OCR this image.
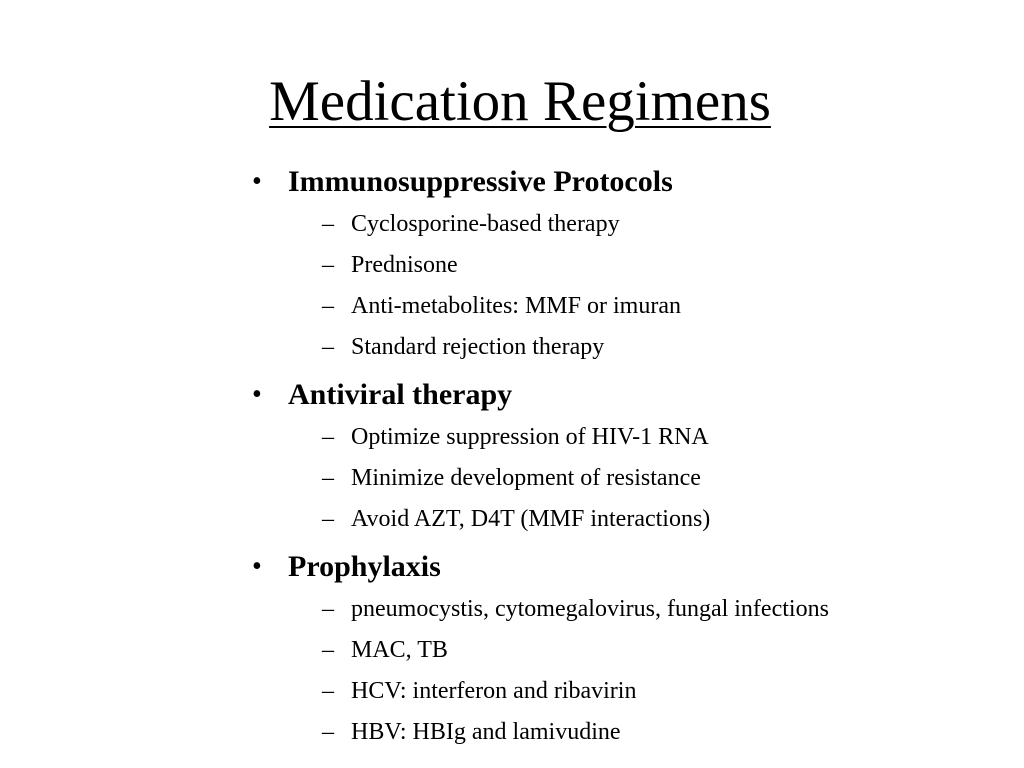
Medication Regimens
• Immunosuppressive Protocols
– Cyclosporine-based therapy
– Prednisone
– Anti-metabolites: MMF or imuran
– Standard rejection therapy
• Antiviral therapy
– Optimize suppression of HIV-1 RNA
– Minimize development of resistance
– Avoid AZT, D4T (MMF interactions)
• Prophylaxis
– pneumocystis, cytomegalovirus, fungal infections
– MAC, TB
– HCV: interferon and ribavirin
– HBV: HBIg and lamivudine
